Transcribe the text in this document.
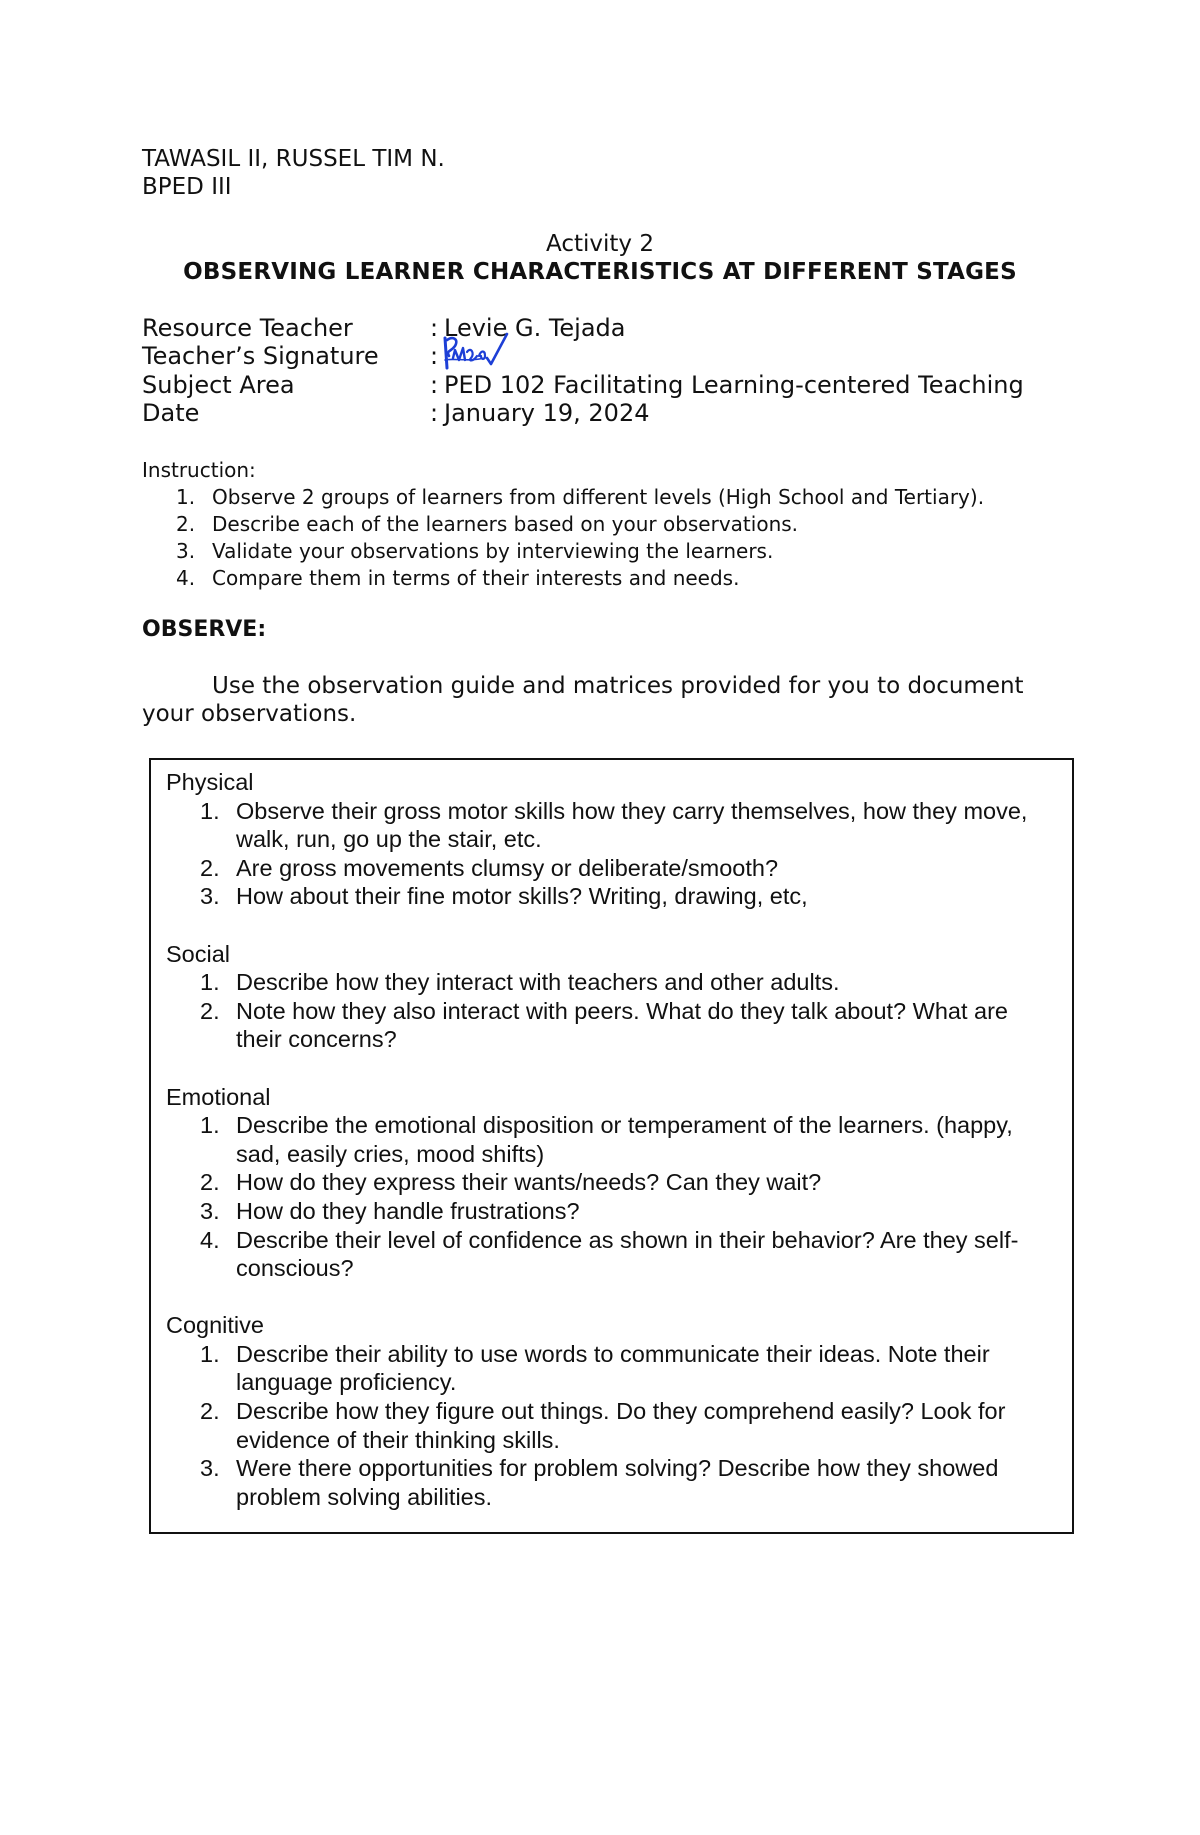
TAWASIL II, RUSSEL TIM N.
BPED III
Activity 2
OBSERVING LEARNER CHARACTERISTICS AT DIFFERENT STAGES
Resource Teacher	: Levie G. Tejada
Teacher’s Signature :
Subject Area	: PED 102 Facilitating Learning-centered Teaching
Date	: January 19, 2024
Instruction:
1. Observe 2 groups of learners from different levels (High School and Tertiary).
2. Describe each of the learners based on your observations.
3. Validate your observations by interviewing the learners.
4. Compare them in terms of their interests and needs.
OBSERVE:
Use the observation guide and matrices provided for you to document
your observations.
Physical
1. Observe their gross motor skills how they carry themselves, how they move, walk, run, go up the stair, etc.
2. Are gross movements clumsy or deliberate/smooth?
3. How about their fine motor skills? Writing, drawing, etc,
Social
1. Describe how they interact with teachers and other adults.
2. Note how they also interact with peers. What do they talk about? What are their concerns?
Emotional
1. Describe the emotional disposition or temperament of the learners. (happy, sad, easily cries, mood shifts)
2. How do they express their wants/needs? Can they wait?
3. How do they handle frustrations?
4. Describe their level of confidence as shown in their behavior? Are they self-conscious?
Cognitive
1. Describe their ability to use words to communicate their ideas. Note their language proficiency.
2. Describe how they figure out things. Do they comprehend easily? Look for evidence of their thinking skills.
3. Were there opportunities for problem solving? Describe how they showed problem solving abilities.
